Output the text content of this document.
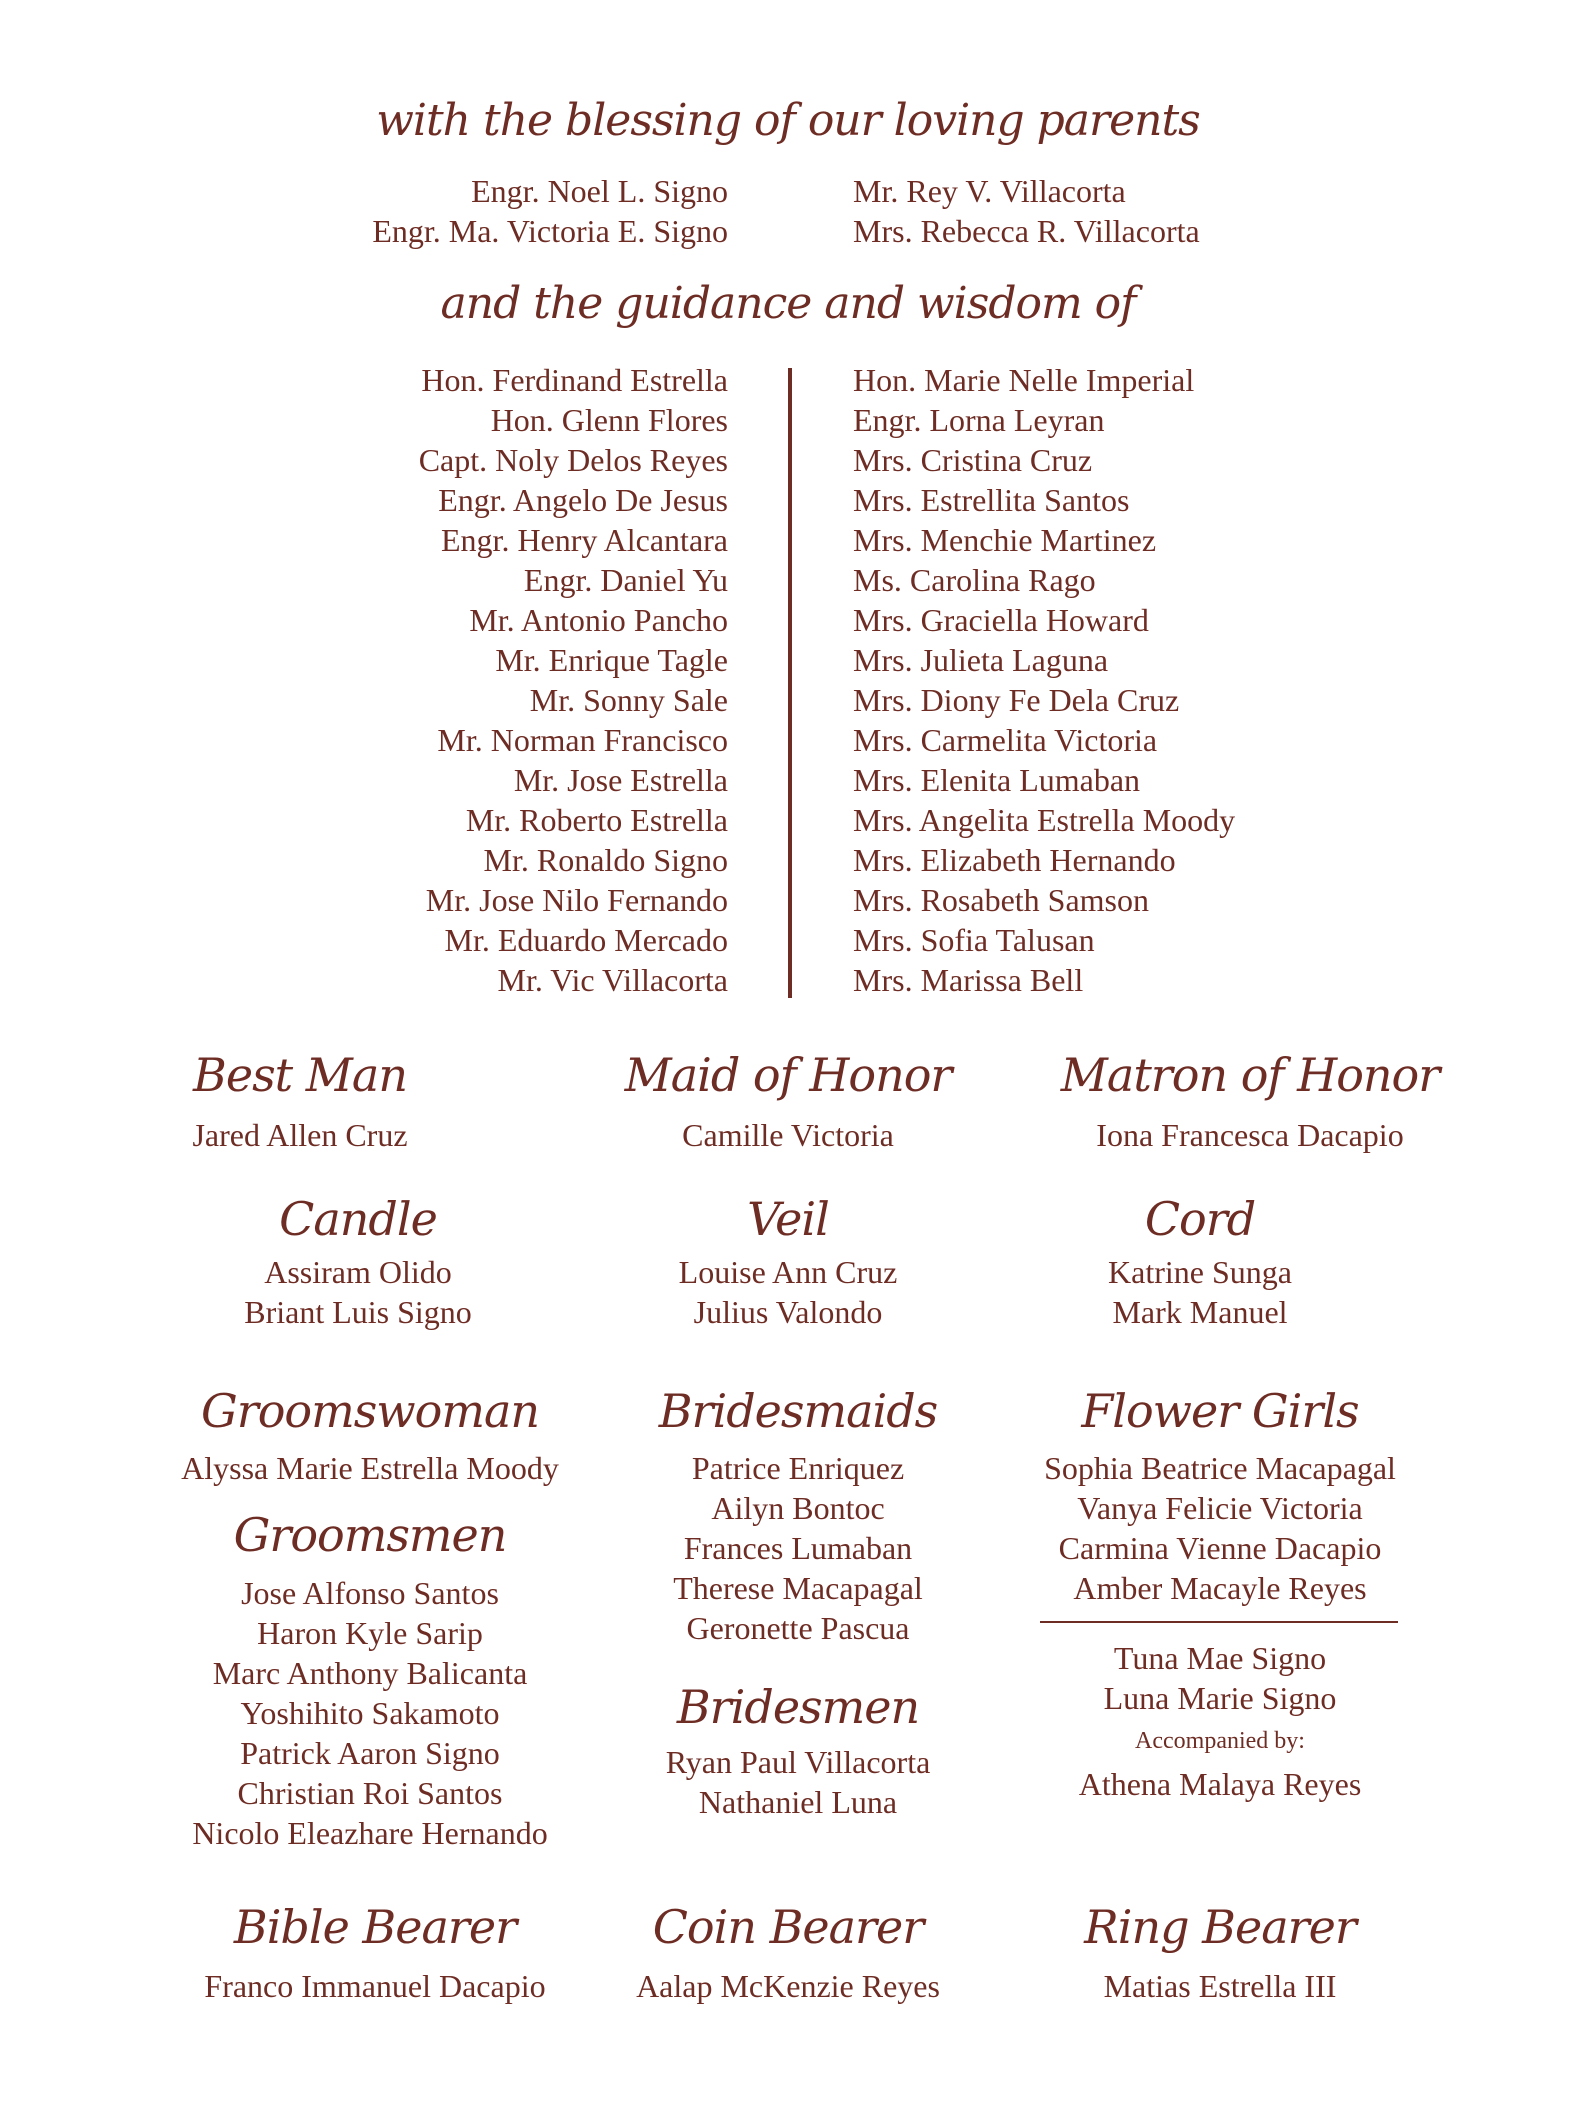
with the blessing of our loving parents
Engr. Noel L. Signo
Engr. Ma. Victoria E. Signo
Mr. Rey V. Villacorta
Mrs. Rebecca R. Villacorta
and the guidance and wisdom of
Hon. Ferdinand Estrella
Hon. Glenn Flores
Capt. Noly Delos Reyes
Engr. Angelo De Jesus
Engr. Henry Alcantara
Engr. Daniel Yu
Mr. Antonio Pancho
Mr. Enrique Tagle
Mr. Sonny Sale
Mr. Norman Francisco
Mr. Jose Estrella
Mr. Roberto Estrella
Mr. Ronaldo Signo
Mr. Jose Nilo Fernando
Mr. Eduardo Mercado
Mr. Vic Villacorta
Hon. Marie Nelle Imperial
Engr. Lorna Leyran
Mrs. Cristina Cruz
Mrs. Estrellita Santos
Mrs. Menchie Martinez
Ms. Carolina Rago
Mrs. Graciella Howard
Mrs. Julieta Laguna
Mrs. Diony Fe Dela Cruz
Mrs. Carmelita Victoria
Mrs. Elenita Lumaban
Mrs. Angelita Estrella Moody
Mrs. Elizabeth Hernando
Mrs. Rosabeth Samson
Mrs. Sofia Talusan
Mrs. Marissa Bell
Best Man
Jared Allen Cruz
Maid of Honor
Camille Victoria
Matron of Honor
Iona Francesca Dacapio
Candle
Assiram Olido
Briant Luis Signo
Veil
Louise Ann Cruz
Julius Valondo
Cord
Katrine Sunga
Mark Manuel
Groomswoman
Alyssa Marie Estrella Moody
Groomsmen
Jose Alfonso Santos
Haron Kyle Sarip
Marc Anthony Balicanta
Yoshihito Sakamoto
Patrick Aaron Signo
Christian Roi Santos
Nicolo Eleazhare Hernando
Bridesmaids
Patrice Enriquez
Ailyn Bontoc
Frances Lumaban
Therese Macapagal
Geronette Pascua
Bridesmen
Ryan Paul Villacorta
Nathaniel Luna
Flower Girls
Sophia Beatrice Macapagal
Vanya Felicie Victoria
Carmina Vienne Dacapio
Amber Macayle Reyes
Tuna Mae Signo
Luna Marie Signo
Accompanied by:
Athena Malaya Reyes
Bible Bearer
Franco Immanuel Dacapio
Coin Bearer
Aalap McKenzie Reyes
Ring Bearer
Matias Estrella III
